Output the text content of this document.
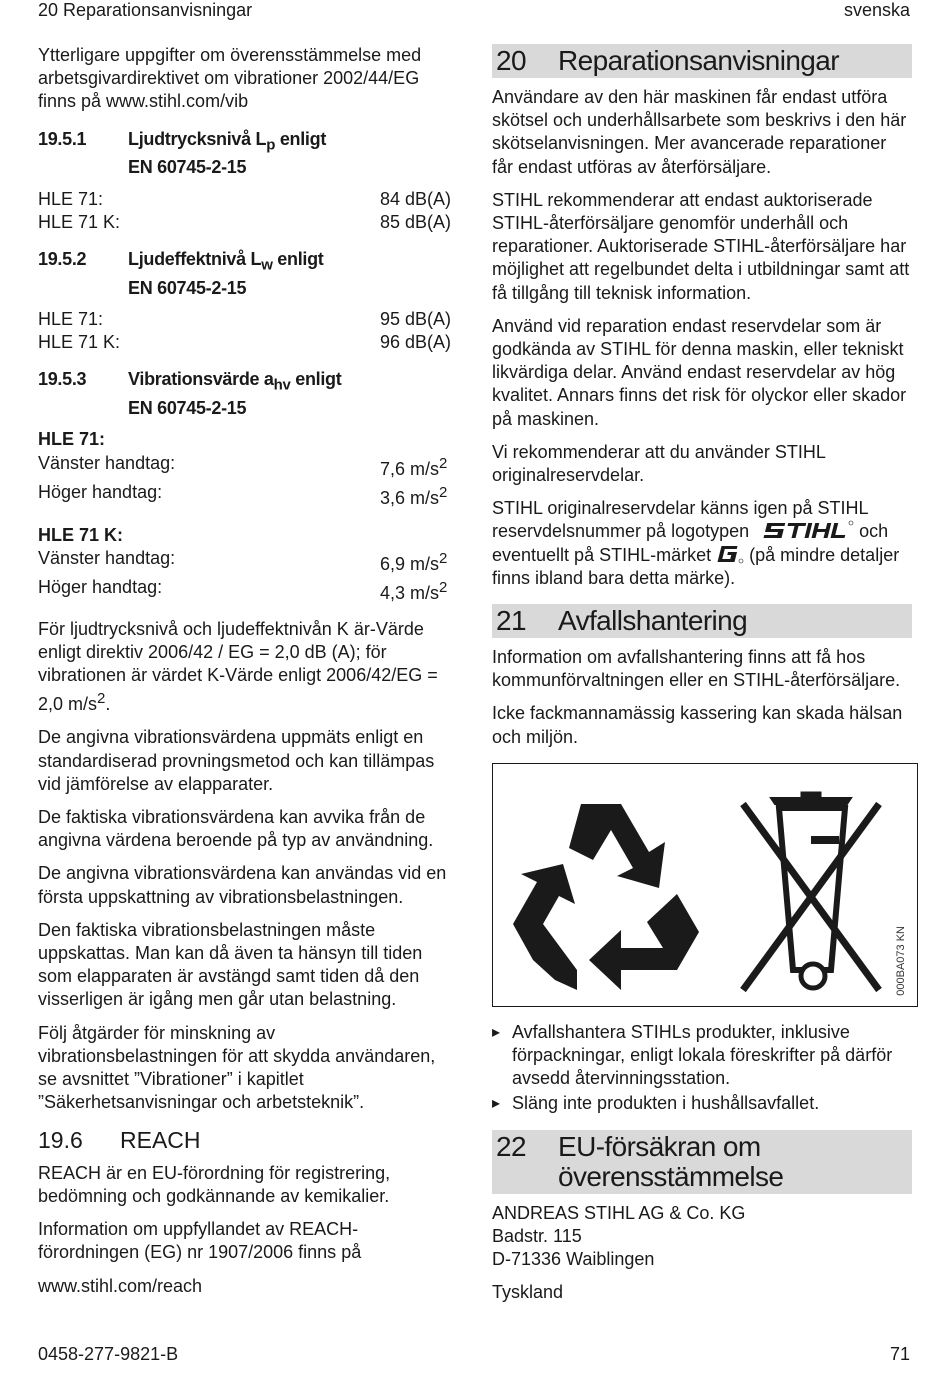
20 Reparationsanvisningar	svenska

Ytterligare uppgifter om överensstämmelse med arbetsgivardirektivet om vibrationer 2002/44/EG finns på www.stihl.com/vib

19.5.1	Ljudtrycksnivå $L_p$ enligt
EN 60745-2-15
HLE 71:	84 dB(A)
HLE 71 K:	85 dB(A)
19.5.2	Ljudeffektnivå $L_w$ enligt
EN 60745-2-15
HLE 71:	95 dB(A)
HLE 71 K:	96 dB(A)
19.5.3	Vibrationsvärde $a_{hv}$ enligt
EN 60745-2-15
HLE 71:
Vänster handtag:	7,6 $m/s^2$
Höger handtag:	3,6 $m/s^2$
HLE 71 K:
Vänster handtag:	6,9 $m/s^2$
Höger handtag:	4,3 $m/s^2$

För ljudtrycksnivå och ljudeffektnivån K är-Värde enligt direktiv 2006/42 / EG = 2,0 dB (A); för vibrationen är värdet K-Värde enligt 2006/42/EG = 2,0 $m/s^2$.

De angivna vibrationsvärdena uppmäts enligt en standardiserad provningsmetod och kan tillämpas vid jämförelse av elapparater.

De faktiska vibrationsvärdena kan avvika från de angivna värdena beroende på typ av användning.

De angivna vibrationsvärdena kan användas vid en första uppskattning av vibrationsbelastningen.

Den faktiska vibrationsbelastningen måste uppskattas. Man kan då även ta hänsyn till tiden som elapparaten är avstängd samt tiden då den visserligen är igång men går utan belastning.

Följ åtgärder för minskning av vibrationsbelastningen för att skydda användaren, se avsnittet ”Vibrationer” i kapitlet ”Säkerhetsanvisningar och arbetsteknik”.

19.6	REACH

REACH är en EU-förordning för registrering, bedömning och godkännande av kemikalier.

Information om uppfyllandet av REACH-förordningen (EG) nr 1907/2006 finns på

www.stihl.com/reach

20	Reparationsanvisningar

Användare av den här maskinen får endast utföra skötsel och underhållsarbete som beskrivs i den här skötselanvisningen. Mer avancerade reparationer får endast utföras av återförsäljare.

STIHL rekommenderar att endast auktoriserade STIHL-återförsäljare genomför underhåll och reparationer. Auktoriserade STIHL-återförsäljare har möjlighet att regelbundet delta i utbildningar samt att få tillgång till teknisk information.

Använd vid reparation endast reservdelar som är godkända av STIHL för denna maskin, eller tekniskt likvärdiga delar. Använd endast reservdelar av hög kvalitet. Annars finns det risk för olyckor eller skador på maskinen.

Vi rekommenderar att du använder STIHL originalreservdelar.

STIHL originalreservdelar känns igen på STIHL reservdelsnummer på logotypen	och eventuellt på STIHL-märket (på mindre detaljer finns ibland bara detta märke).

21	Avfallshantering

Information om avfallshantering finns att få hos kommunförvaltningen eller en STIHL-återförsäljare.

Icke fackmannamässig kassering kan skada hälsan och miljön.

000BA073 KN
▸ Avfallshantera STIHLs produkter, inklusive förpackningar, enligt lokala föreskrifter på därför avsedd återvinningsstation.
▸ Släng inte produkten i hushållsavfallet.
22	EU-försäkran om överensstämmelse
ANDREAS STIHL AG & Co. KG
Badstr. 115
D-71336 Waiblingen

Tyskland

0458-277-9821-B	71
